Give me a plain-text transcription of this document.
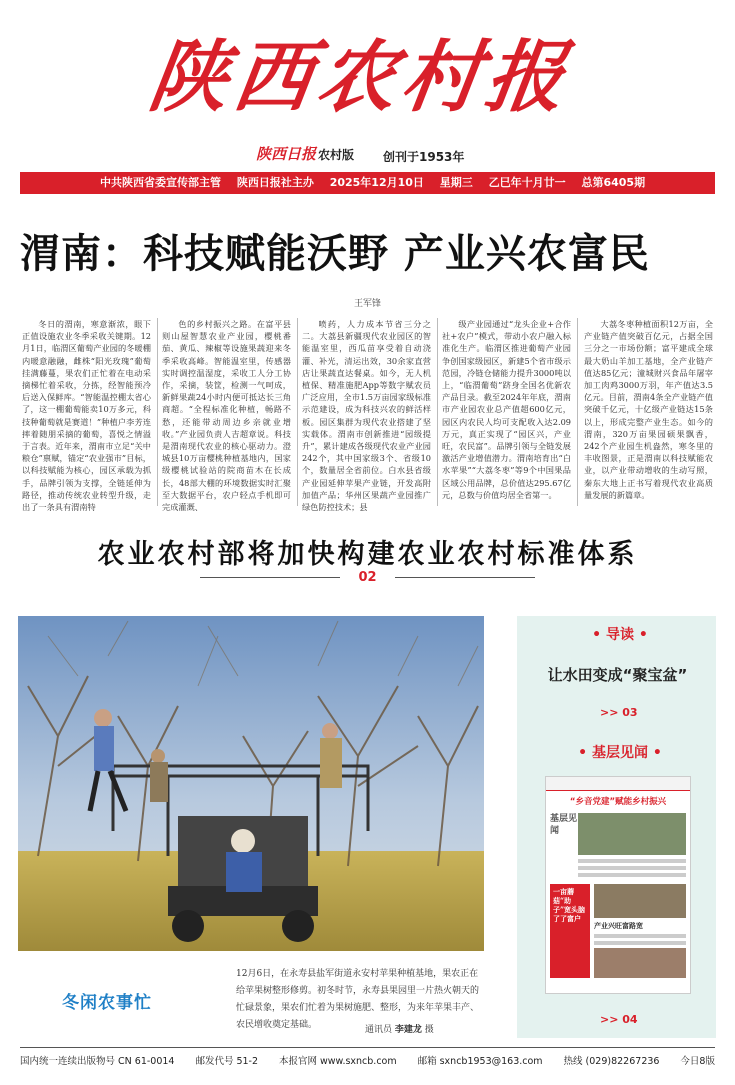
陕西农村报
陕西日报 农村版 创刊于1953年
中共陕西省委宣传部主管 陕西日报社主办 2025年12月10日 星期三 乙巳年十月廿一 总第6405期
渭南：科技赋能沃野 产业兴农富民
王军锋

冬日的渭南，寒意渐浓，眼下正值设施农业冬季采收关键期。12月1日，临渭区葡萄产业园的冬暖棚内暖意融融，雌株“阳光玫瑰”葡萄挂满藤蔓，果农们正忙着在电动采摘梯忙着采收，分拣，经智能预冷后送入保鲜库。“智能温控棚太省心了，这一棚葡萄能卖10万多元，科技种葡萄就是赛道！”种植户李芳连摔着随朋采摘的葡萄，喜悦之情溢于言表。近年来，渭南市立足“关中粮仓”禀赋，锚定“农业强市”目标，以科技赋能为核心，园区承载为抓手，品牌引领为支撑，全链延伸为路径，推动传统农业转型升级，走出了一条具有渭南特

色的乡村振兴之路。在富平县则山屋智慧农业产业园，樱桃番茄、黄瓜、辣椒等设施果蔬迎来冬季采收高峰。智能温室里，传感器实时调控温湿度，采收工人分工协作，采摘，装筐，检测一气呵成，新鲜果蔬24小时内便可抵达长三角商超。“全程标准化种植，畅路不愁，还能带动周边乡亲就业增收。”产业园负责人吉超章说。科技是渭南现代农业的核心驱动力。澄城县10万亩樱桃种植基地内，国家级樱桃试验站的院商苗木在长成长，48部大棚的环境数据实时汇聚至大数据平台，农户轻点手机即可完成灌溉、

喷药，人力成本节省三分之二。大荔县新疆现代农业园区的智能温室里，西瓜苗享受着自动浇灌、补光，清运出效，30余家直营店让果蔬直达餐桌。如今，无人机植保、精准施肥App等数字赋农员广泛应用，全市1.5万亩园家级标准示范建设，成为科技兴农的鲜活样板。园区集群为现代农业搭建了坚实载体。渭南市创新推进“园级提升”，累计建成各级现代农业产业园242个，其中国家级3个、省级10个，数量居全省前位。白水县省级产业园延伸苹果产业链，开发高附加值产品；华州区果蔬产业园推广绿色防控技术；县

级产业园通过“龙头企业+合作社+农户”模式，带动小农户融入标准化生产。临渭区推进葡萄产业园争创国家级园区，新建5个省市级示范园，冷链仓储能力提升3000吨以上，“临渭葡萄”跻身全国名优新农产品目录。截至2024年年底，渭南市产业园农业总产值超600亿元，园区内农民人均可支配收入达2.09万元，真正实现了“园区兴，产业旺，农民富”。品牌引领与全链发展激活产业增值潜力。渭南培育出“白水苹果”“大荔冬枣”等9个中国果品区域公用品牌，总价值达295.67亿元，总数与价值均居全省第一。

大荔冬枣种植面积12万亩，全产业链产值突破百亿元，占据全国三分之一市场份额；富平建成全球最大奶山羊加工基地，全产业链产值达85亿元；潼城财兴食品年屠宰加工肉鸡3000万羽，年产值达3.5亿元。目前，渭南4条全产业链产值突破千亿元，十亿级产业链达15条以上，形成完整产业生态。如今的渭南，320万亩果园硕果飘香，242个产业园生机盎然，寒冬里的丰收图景，正是渭南以科技赋能农业，以产业带动增收的生动写照，秦东大地上正书写着现代农业高质量发展的新篇章。

农业农村部将加快构建农业农村标准体系
02
冬闲农事忙
12月6日，在永寿县盐军街道永安村苹果种植基地，果农正在给苹果树整形修剪。初冬时节，永寿县果园里一片热火朝天的忙碌景象，果农们忙着为果树施肥、整形，为来年苹果丰产、农民增收奠定基础。	通讯员 李建龙 摄
• 导读 •
让水田变成“聚宝盆”
>> 03
• 基层见闻 •
“乡音党建”赋能乡村振兴
基层见闻
一亩蘑菇“助子”宽头脑了了富户
产业兴旺富路宽
>> 04
国内统一连续出版物号 CN 61-0014 邮发代号 51-2 本报官网 www.sxncb.com 邮箱 sxncb1953@163.com 热线 (029)82267236 今日8版
